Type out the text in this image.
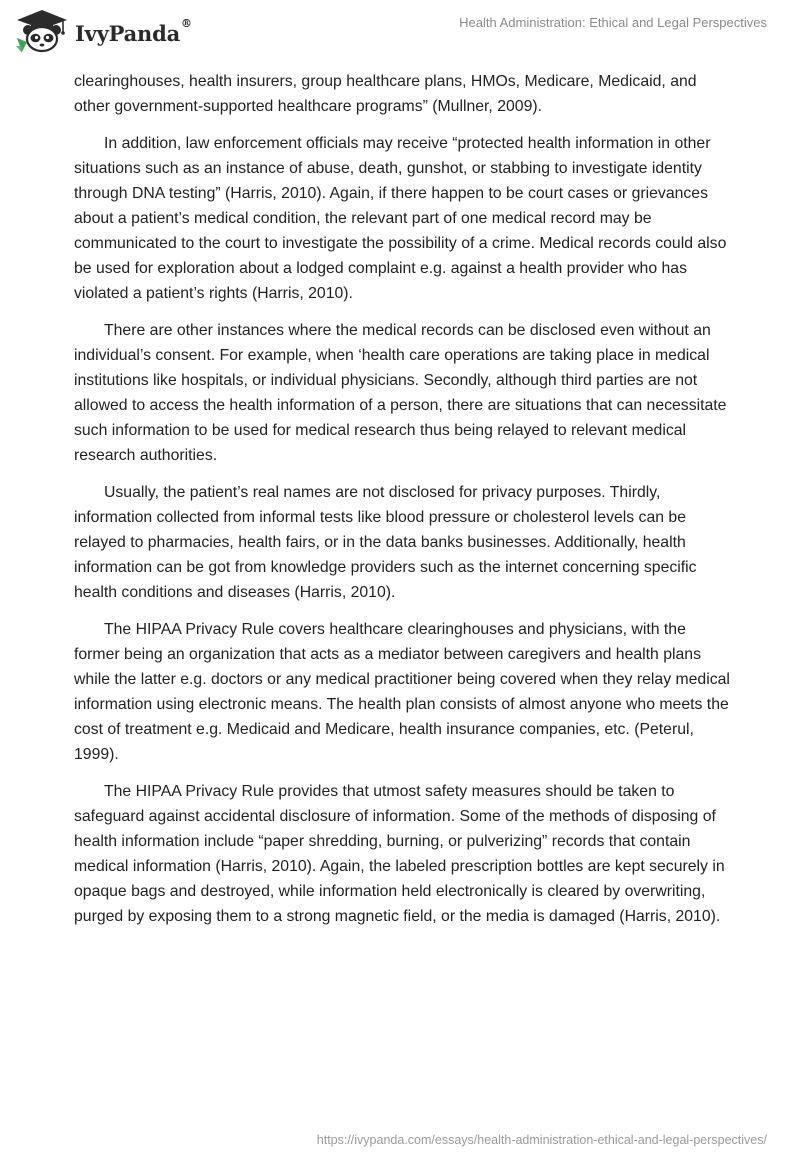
IvyPanda®	Health Administration: Ethical and Legal Perspectives

clearinghouses, health insurers, group healthcare plans, HMOs, Medicare, Medicaid, and other government-supported healthcare programs” (Mullner, 2009).

In addition, law enforcement officials may receive “protected health information in other situations such as an instance of abuse, death, gunshot, or stabbing to investigate identity through DNA testing” (Harris, 2010). Again, if there happen to be court cases or grievances about a patient’s medical condition, the relevant part of one medical record may be communicated to the court to investigate the possibility of a crime. Medical records could also be used for exploration about a lodged complaint e.g. against a health provider who has violated a patient’s rights (Harris, 2010).

There are other instances where the medical records can be disclosed even without an individual’s consent. For example, when ‘health care operations are taking place in medical institutions like hospitals, or individual physicians. Secondly, although third parties are not allowed to access the health information of a person, there are situations that can necessitate such information to be used for medical research thus being relayed to relevant medical research authorities.

Usually, the patient’s real names are not disclosed for privacy purposes. Thirdly, information collected from informal tests like blood pressure or cholesterol levels can be relayed to pharmacies, health fairs, or in the data banks businesses. Additionally, health information can be got from knowledge providers such as the internet concerning specific health conditions and diseases (Harris, 2010).

The HIPAA Privacy Rule covers healthcare clearinghouses and physicians, with the former being an organization that acts as a mediator between caregivers and health plans while the latter e.g. doctors or any medical practitioner being covered when they relay medical information using electronic means. The health plan consists of almost anyone who meets the cost of treatment e.g. Medicaid and Medicare, health insurance companies, etc. (Peterul, 1999).

The HIPAA Privacy Rule provides that utmost safety measures should be taken to safeguard against accidental disclosure of information. Some of the methods of disposing of health information include “paper shredding, burning, or pulverizing” records that contain medical information (Harris, 2010). Again, the labeled prescription bottles are kept securely in opaque bags and destroyed, while information held electronically is cleared by overwriting, purged by exposing them to a strong magnetic field, or the media is damaged (Harris, 2010).

https://ivypanda.com/essays/health-administration-ethical-and-legal-perspectives/
